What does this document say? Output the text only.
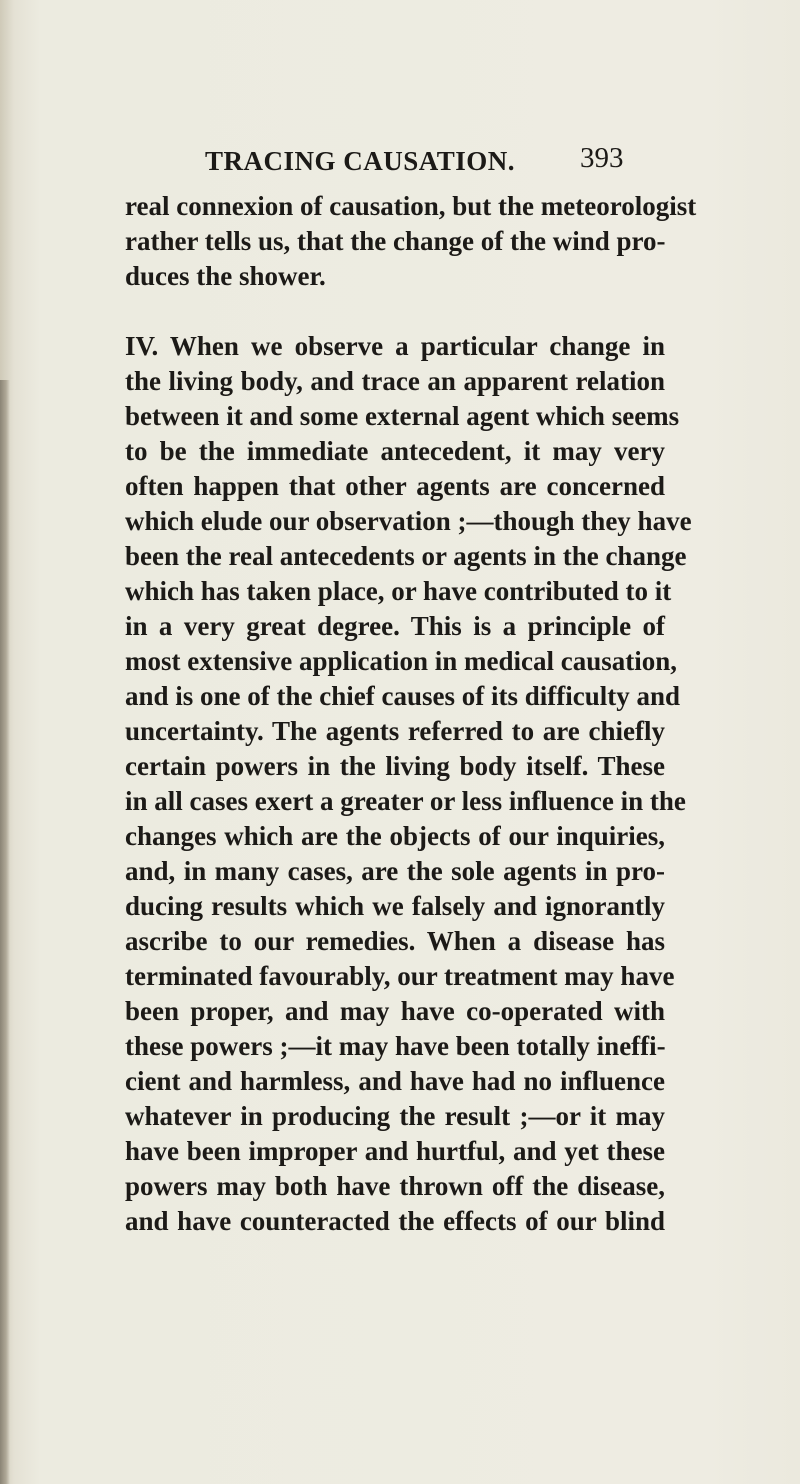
TRACING CAUSATION. 393
real connexion of causation, but the meteorologist
rather tells us, that the change of the wind pro-
duces the shower.
IV. When we observe a particular change in
the living body, and trace an apparent relation
between it and some external agent which seems
to be the immediate antecedent, it may very
often happen that other agents are concerned
which elude our observation ;—though they have
been the real antecedents or agents in the change
which has taken place, or have contributed to it
in a very great degree. This is a principle of
most extensive application in medical causation,
and is one of the chief causes of its difficulty and
uncertainty. The agents referred to are chiefly
certain powers in the living body itself. These
in all cases exert a greater or less influence in the
changes which are the objects of our inquiries,
and, in many cases, are the sole agents in pro-
ducing results which we falsely and ignorantly
ascribe to our remedies. When a disease has
terminated favourably, our treatment may have
been proper, and may have co-operated with
these powers ;—it may have been totally ineffi-
cient and harmless, and have had no influence
whatever in producing the result ;—or it may
have been improper and hurtful, and yet these
powers may both have thrown off the disease,
and have counteracted the effects of our blind
